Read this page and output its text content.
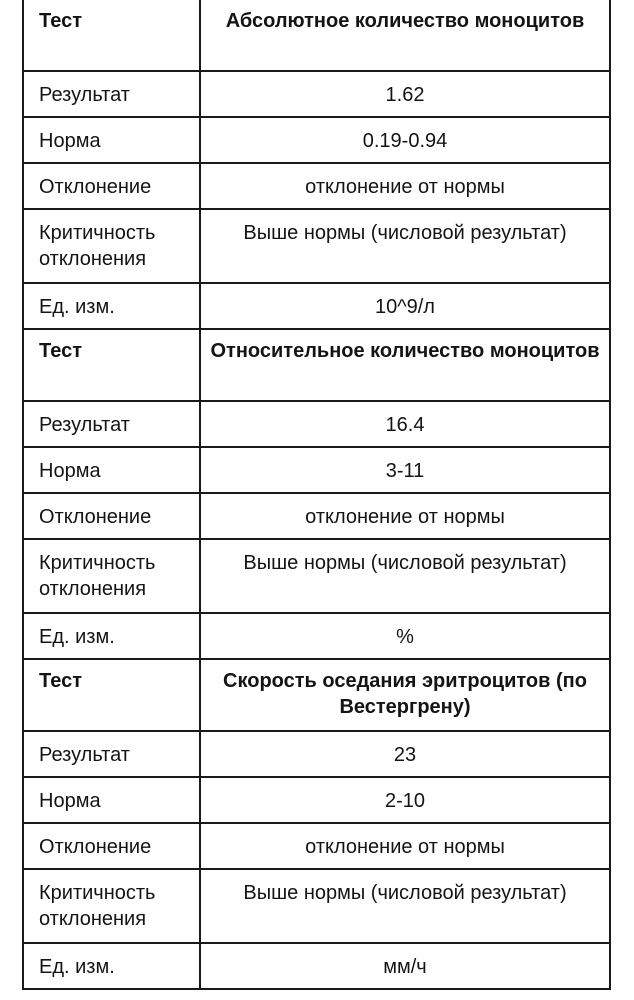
Тест	Абсолютное количество моноцитов
Результат	1.62
Норма	0.19-0.94
Отклонение	отклонение от нормы
Критичность отклонения	Выше нормы (числовой результат)
Ед. изм.	10^9/л
Тест	Относительное количество моноцитов
Результат	16.4
Норма	3-11
Отклонение	отклонение от нормы
Критичность отклонения	Выше нормы (числовой результат)
Ед. изм.	%
Тест	Скорость оседания эритроцитов (по Вестергрену)
Результат	23
Норма	2-10
Отклонение	отклонение от нормы
Критичность отклонения	Выше нормы (числовой результат)
Ед. изм.	мм/ч
